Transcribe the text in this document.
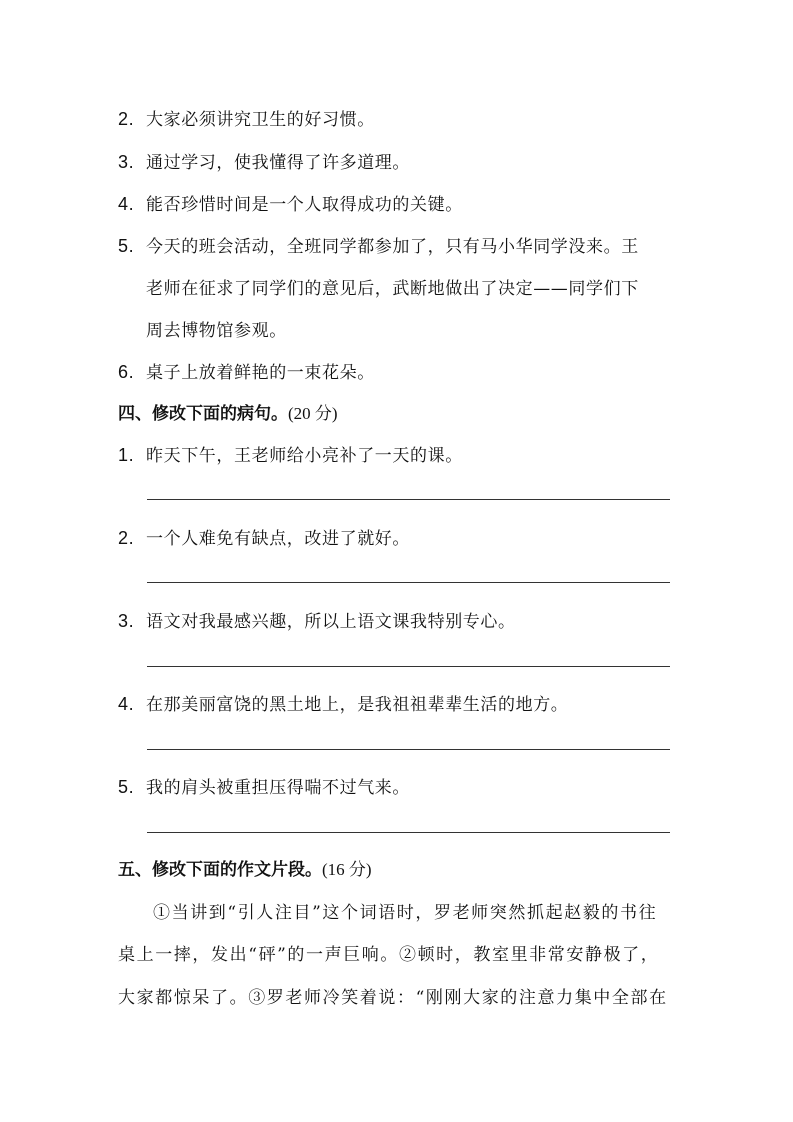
2. 大家必须讲究卫生的好习惯。
3. 通过学习，使我懂得了许多道理。
4. 能否珍惜时间是一个人取得成功的关键。
5. 今天的班会活动，全班同学都参加了，只有马小华同学没来。王
老师在征求了同学们的意见后，武断地做出了决定——同学们下
周去博物馆参观。
6. 桌子上放着鲜艳的一束花朵。
四、修改下面的病句。(20 分)
1. 昨天下午，王老师给小亮补了一天的课。
2. 一个人难免有缺点，改进了就好。
3. 语文对我最感兴趣，所以上语文课我特别专心。
4. 在那美丽富饶的黑土地上，是我祖祖辈辈生活的地方。
5. 我的肩头被重担压得喘不过气来。
五、修改下面的作文片段。(16 分)
①当讲到“引人注目”这个词语时，罗老师突然抓起赵毅的书往
桌上一摔，发出“砰”的一声巨响。②顿时，教室里非常安静极了，
大家都惊呆了。③罗老师冷笑着说：“刚刚大家的注意力集中全部在
